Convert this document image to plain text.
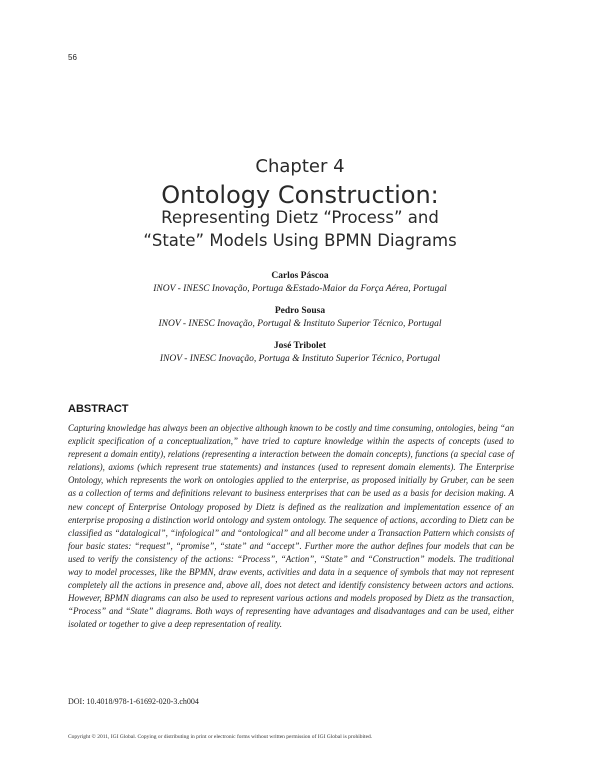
56
Chapter 4
Ontology Construction:
Representing Dietz “Process” and
“State” Models Using BPMN Diagrams
Carlos Páscoa
INOV - INESC Inovação, Portuga &Estado-Maior da Força Aérea, Portugal
Pedro Sousa
INOV - INESC Inovação, Portugal & Instituto Superior Técnico, Portugal
José Tribolet
INOV - INESC Inovação, Portuga & Instituto Superior Técnico, Portugal
ABSTRACT
Capturing knowledge has always been an objective although known to be costly and time consuming, ontologies, being “an explicit specification of a conceptualization,” have tried to capture knowledge within the aspects of concepts (used to represent a domain entity), relations (representing a interaction between the domain concepts), functions (a special case of relations), axioms (which represent true statements) and instances (used to represent domain elements). The Enterprise Ontology, which represents the work on ontologies applied to the enterprise, as proposed initially by Gruber, can be seen as a collection of terms and definitions relevant to business enterprises that can be used as a basis for decision making. A new concept of Enterprise Ontology proposed by Dietz is defined as the realization and implementation essence of an enterprise proposing a distinction world ontology and system ontology. The sequence of actions, according to Dietz can be classified as “datalogical”, “infological” and “ontological” and all become under a Transaction Pattern which consists of four basic states: “request”, “promise”, “state” and “accept”. Further more the author defines four models that can be used to verify the consistency of the actions: “Process”, “Action”, “State” and “Construction” models. The traditional way to model processes, like the BPMN, draw events, activities and data in a sequence of symbols that may not represent completely all the actions in presence and, above all, does not detect and identify consistency between actors and actions. However, BPMN diagrams can also be used to represent various actions and models proposed by Dietz as the transaction, “Process” and “State” diagrams. Both ways of representing have advantages and disadvantages and can be used, either isolated or together to give a deep representation of reality.
DOI: 10.4018/978-1-61692-020-3.ch004
Copyright © 2011, IGI Global. Copying or distributing in print or electronic forms without written permission of IGI Global is prohibited.
